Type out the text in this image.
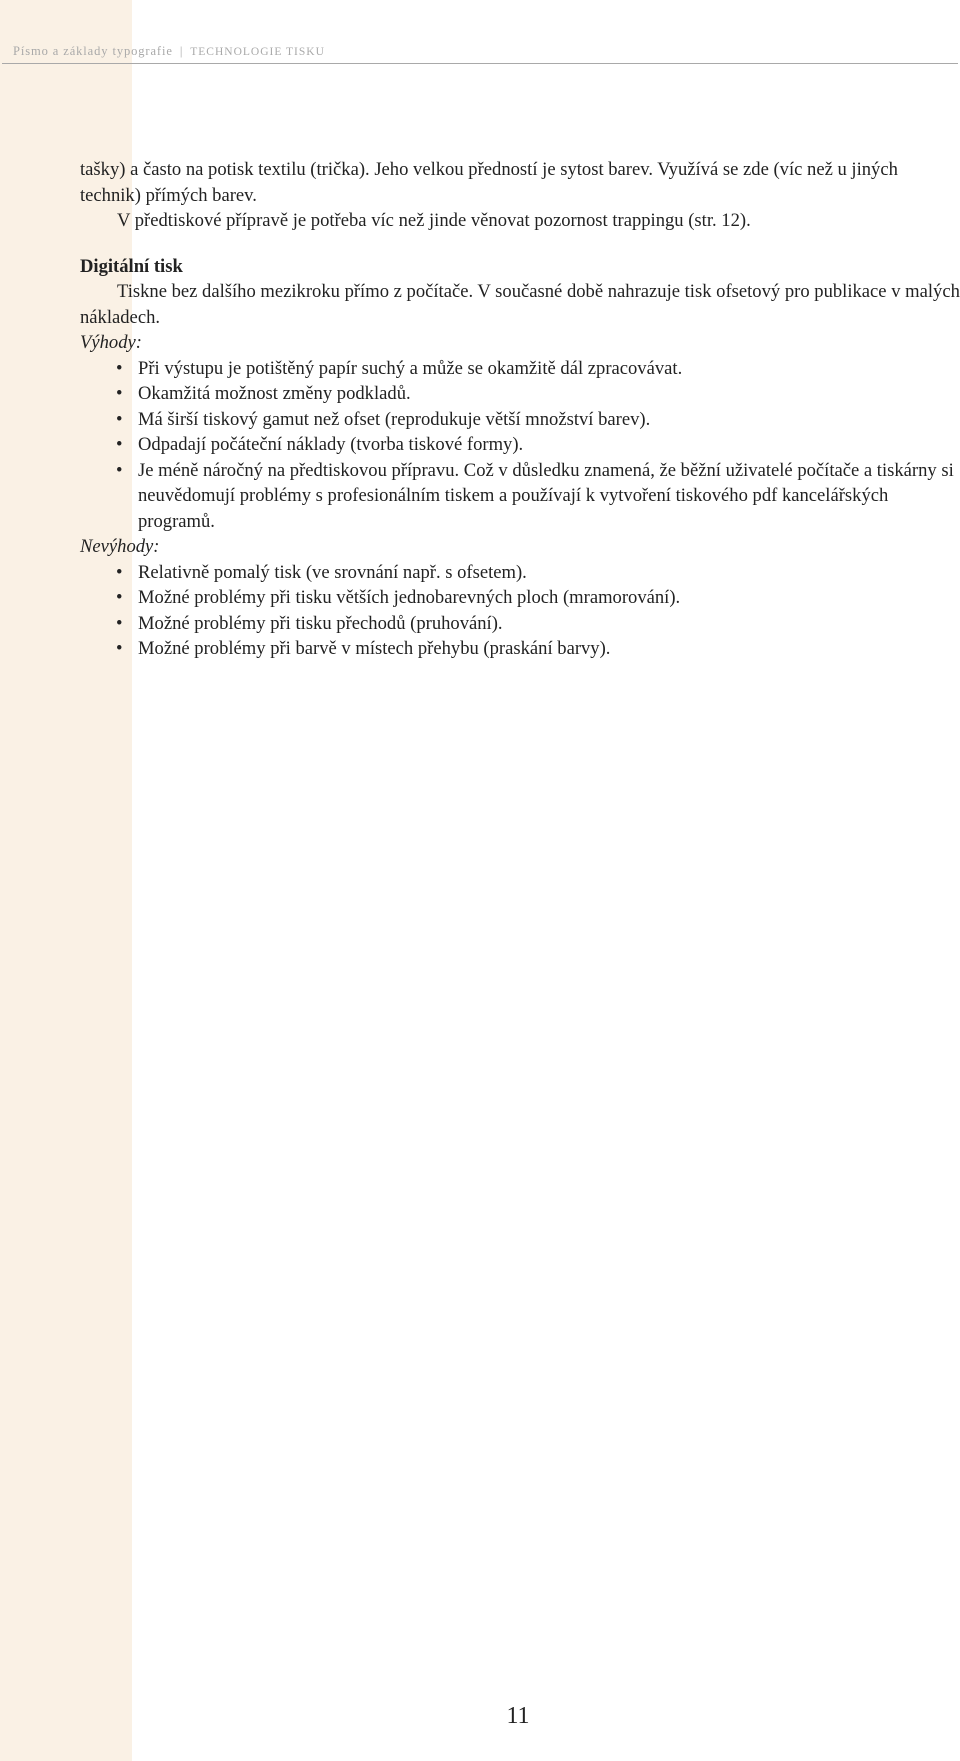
Písmo a základy typografie | TECHNOLOGIE TISKU

tašky) a často na potisk textilu (trička). Jeho velkou předností je sytost barev. Využívá se zde (víc než u jiných technik) přímých barev.

V předtiskové přípravě je potřeba víc než jinde věnovat pozornost trappingu (str. 12).

Digitální tisk

Tiskne bez dalšího mezikroku přímo z počítače. V současné době nahrazuje tisk ofsetový pro publikace v malých nákladech.

Výhody:

• Při výstupu je potištěný papír suchý a může se okamžitě dál zpracovávat.
• Okamžitá možnost změny podkladů.
• Má širší tiskový gamut než ofset (reprodukuje větší množství barev).
• Odpadají počáteční náklady (tvorba tiskové formy).
• Je méně náročný na předtiskovou přípravu. Což v důsledku znamená, že běžní uživatelé počítače a tiskárny si neuvědomují problémy s profesionálním tiskem a používají k vytvoření tiskového pdf kancelářských programů.

Nevýhody:

• Relativně pomalý tisk (ve srovnání např. s ofsetem).
• Možné problémy při tisku větších jednobarevných ploch (mramorování).
• Možné problémy při tisku přechodů (pruhování).
• Možné problémy při barvě v místech přehybu (praskání barvy).
11
